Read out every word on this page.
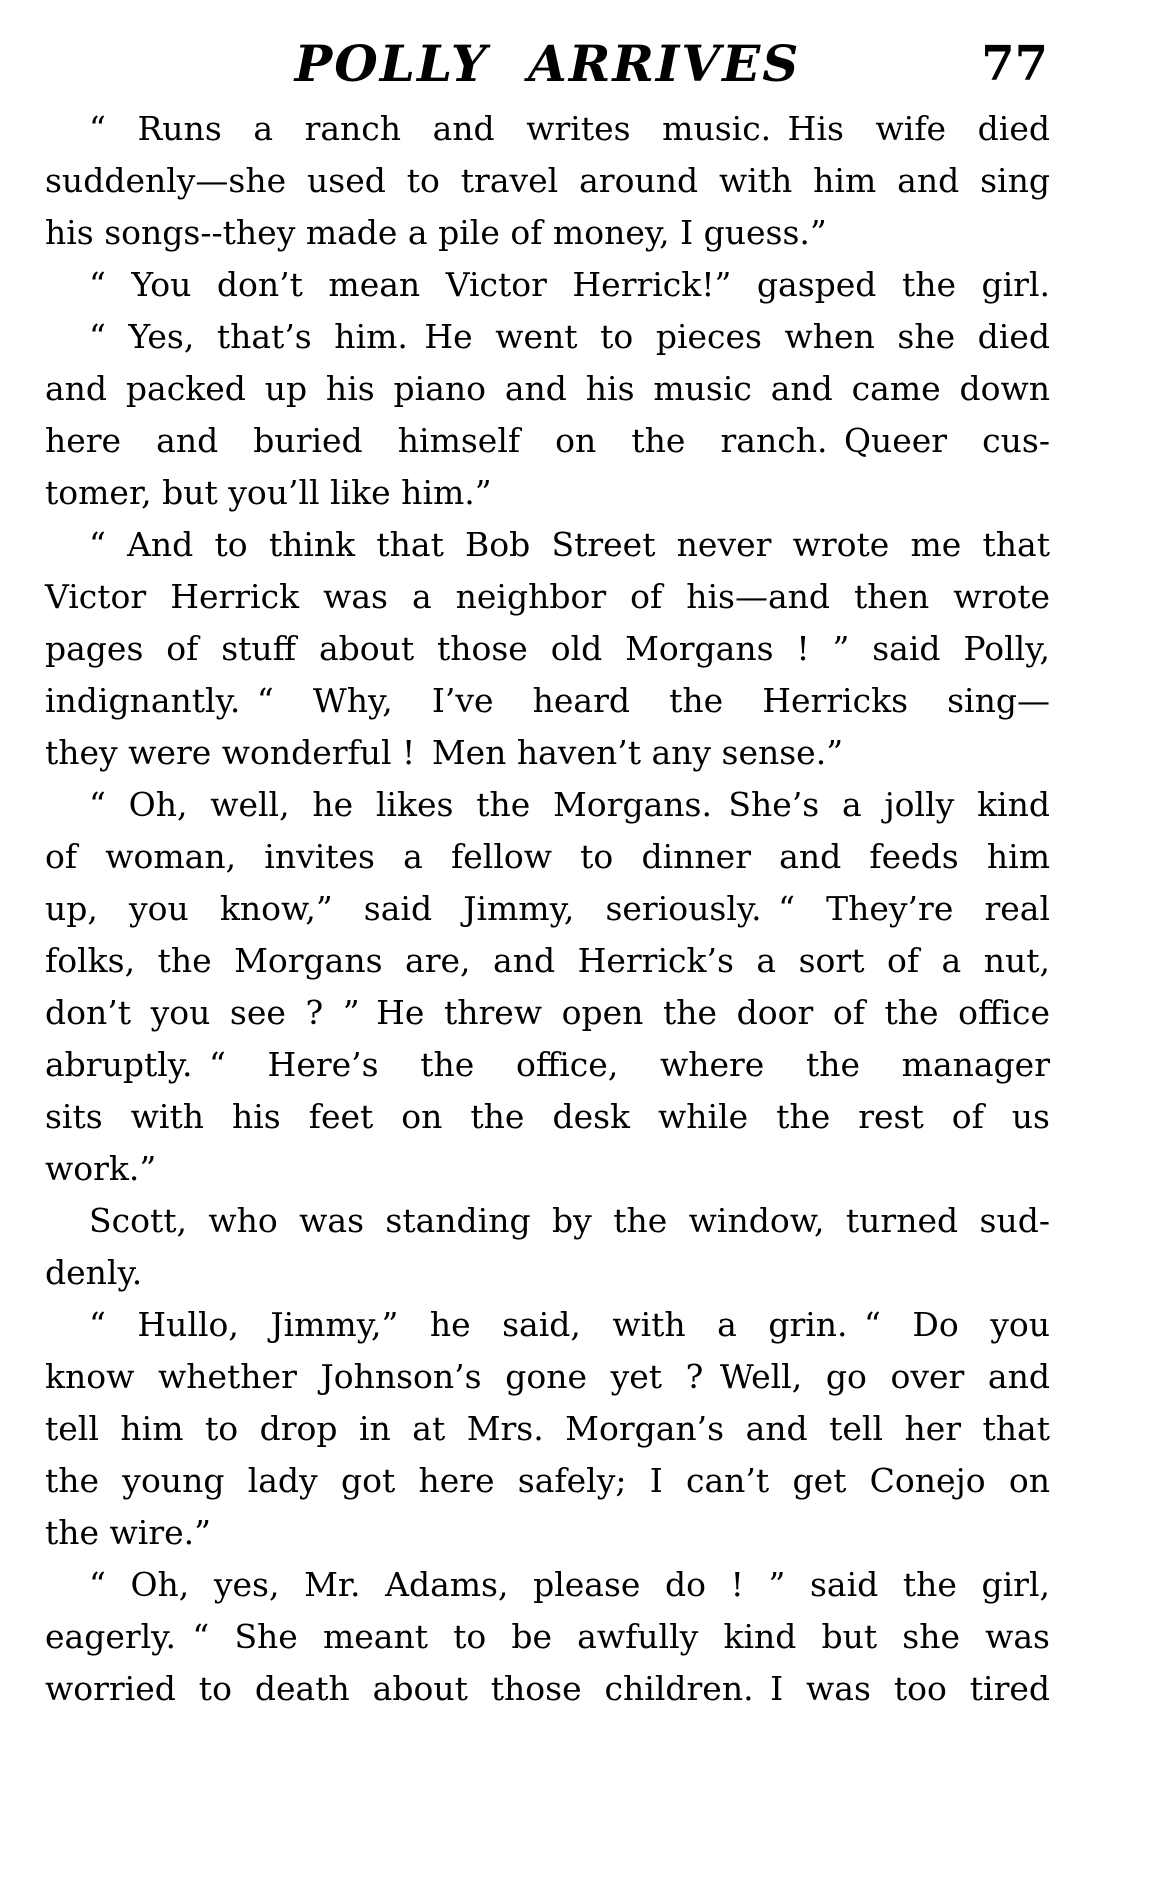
POLLY ARRIVES	77
“ Runs a ranch and writes music. His wife died
suddenly—she used to travel around with him and sing
his songs--they made a pile of money, I guess.”
“ You don’t mean Victor Herrick!” gasped the girl.
“ Yes, that’s him. He went to pieces when she died
and packed up his piano and his music and came down
here and buried himself on the ranch. Queer cus-
tomer, but you’ll like him.”
“ And to think that Bob Street never wrote me that
Victor Herrick was a neighbor of his—and then wrote
pages of stuff about those old Morgans ! ” said Polly,
indignantly. “ Why, I’ve heard the Herricks sing—
they were wonderful ! Men haven’t any sense.”
“ Oh, well, he likes the Morgans. She’s a jolly kind
of woman, invites a fellow to dinner and feeds him
up, you know,” said Jimmy, seriously. “ They’re real
folks, the Morgans are, and Herrick’s a sort of a nut,
don’t you see ? ” He threw open the door of the office
abruptly. “ Here’s the office, where the manager
sits with his feet on the desk while the rest of us
work.”
Scott, who was standing by the window, turned sud-
denly.
“ Hullo, Jimmy,” he said, with a grin. “ Do you
know whether Johnson’s gone yet ? Well, go over and
tell him to drop in at Mrs. Morgan’s and tell her that
the young lady got here safely; I can’t get Conejo on
the wire.”
“ Oh, yes, Mr. Adams, please do ! ” said the girl,
eagerly. “ She meant to be awfully kind but she was
worried to death about those children. I was too tired
